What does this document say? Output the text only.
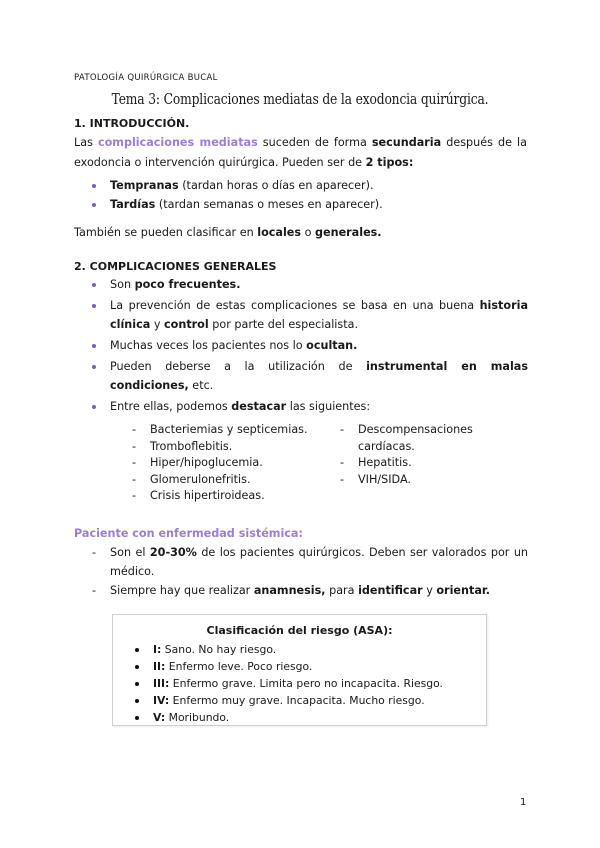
PATOLOGÍA QUIRÚRGICA BUCAL
Tema 3: Complicaciones mediatas de la exodoncia quirúrgica.
1. INTRODUCCIÓN.
Las complicaciones mediatas suceden de forma secundaria después de la exodoncia o intervención quirúrgica. Pueden ser de 2 tipos:
Tempranas (tardan horas o días en aparecer).
Tardías (tardan semanas o meses en aparecer).
También se pueden clasificar en locales o generales.
2. COMPLICACIONES GENERALES
Son poco frecuentes.
La prevención de estas complicaciones se basa en una buena historia clínica y control por parte del especialista.
Muchas veces los pacientes nos lo ocultan.
Pueden deberse a la utilización de instrumental en malas condiciones, etc.
Entre ellas, podemos destacar las siguientes:
- Bacteriemias y septicemias.
- Tromboflebitis.
- Hiper/hipoglucemia.
- Glomerulonefritis.
- Crisis hipertiroideas.
- Descompensaciones cardíacas.
- Hepatitis.
- VIH/SIDA.
Paciente con enfermedad sistémica:
- Son el 20-30% de los pacientes quirúrgicos. Deben ser valorados por un médico.
- Siempre hay que realizar anamnesis, para identificar y orientar.
Clasificación del riesgo (ASA):
I: Sano. No hay riesgo.
II: Enfermo leve. Poco riesgo.
III: Enfermo grave. Limita pero no incapacita. Riesgo.
IV: Enfermo muy grave. Incapacita. Mucho riesgo.
V: Moribundo.
1
